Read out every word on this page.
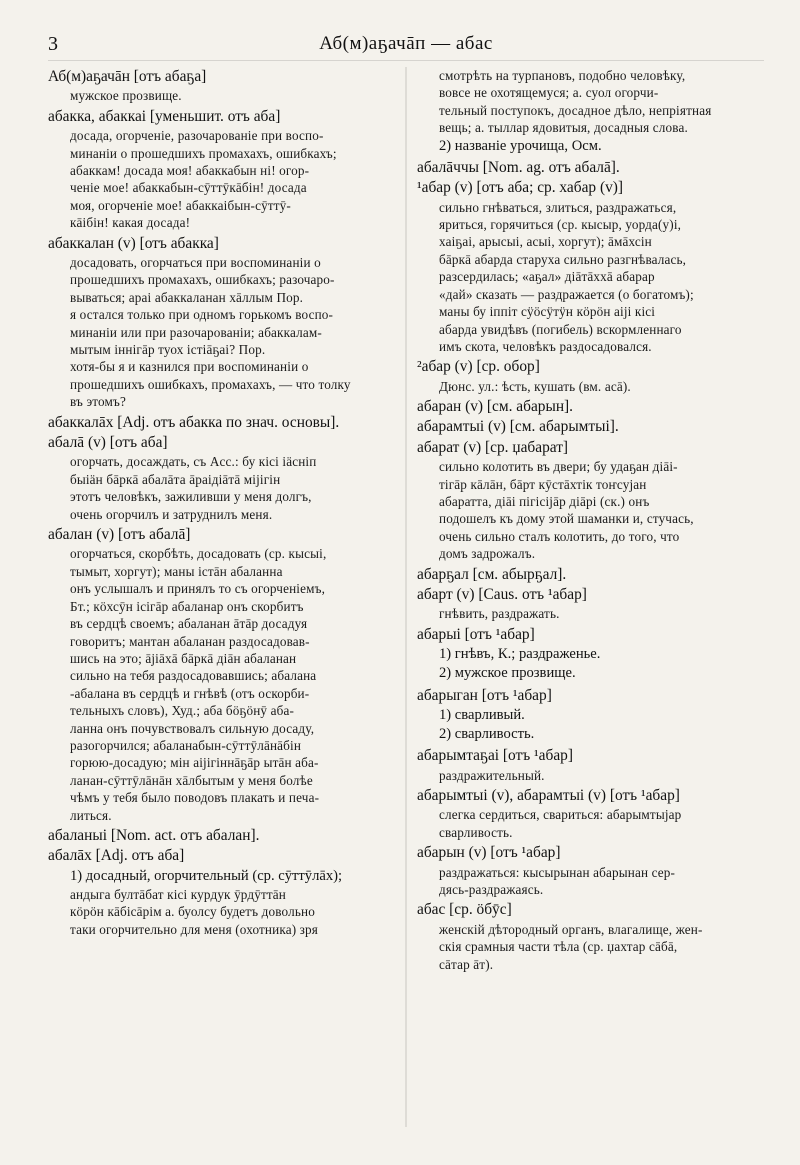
3	Аб(м)аҕачāп — абас
Аб(м)аҕачāн [отъ абаҕа]
мужское прозвище.
абакка, абаккаі [уменьшит. отъ аба]
досада, огорченіе, разочарованіе при воспо-
минаніи о прошедшихъ промахахъ, ошибкахъ;
абаккам! досада моя! абаккабын ні! огор-
ченіе мое! абаккабын-сӯттӯкāбін! досада
моя, огорченіе мое! абаккаібын-сӯттӯ-
кāібін! какая досада!
абаккалан (v) [отъ абакка]
досадовать, огорчаться при воспоминаніи о
прошедшихъ промахахъ, ошибкахъ; разочаро-
вываться; араі абаккаланан хāллым Пор.
я остался только при одномъ горькомъ воспо-
минаніи или при разочарованіи; абаккалам-
мытым іннігāр туох істіāҕаі? Пор.
хотя-бы я и казнился при воспоминаніи о
прошедшихъ ошибкахъ, промахахъ, — что толку
въ этомъ?
абаккалāх [Adj. отъ абакка по знач. основы].
абалā (v) [отъ аба]
огорчать, досаждать, съ Acc.: бу кісі іäсніп
быіäн бāркā абалāта āраідіāтā міјігін
этотъ человѣкъ, зажиливши у меня долгъ,
очень огорчилъ и затруднилъ меня.
абалан (v) [отъ абалā]
огорчаться, скорбѣть, досадовать (ср. кысыі,
тымыт, хоргут); маны істāн абаланна
онъ услышалъ и принялъ то съ огорченіемъ,
Бт.; кöхсӯн ісігāр абаланар онъ скорбитъ
въ сердцѣ своемъ; абаланан āтāр досадуя
говоритъ; мантан абаланан раздосадовав-
шись на это; āјіāхā бāркā діāн абаланан
сильно на тебя раздосадовавшись; абалана
-абалана въ сердцѣ и гнѣвѣ (отъ оскорби-
тельныхъ словъ), Худ.; аба бöҕöнӯ аба-
ланна онъ почувствовалъ сильную досаду,
разогорчился; абаланабын-сӯттӯлāнāбін
горюю-досадую; мін аіјігіннāҕāр ытāн аба-
ланан-сӯттӯлāнāн хāлбытым у меня болѣе
чѣмъ у тебя было поводовъ плакать и печа-
литься.
абаланыі [Nom. act. отъ абалан].
абалāх [Adj. отъ аба]
1) досадный, огорчительный (ср. сӯттӯлāх);
андыга бултāбат кісі курдук ӯрдӯттāн
кöрöн кāбісāрім а. буолсу будетъ довольно
таки огорчительно для меня (охотника) зря
смотрѣть на турпановъ, подобно человѣку,
вовсе не охотящемуся; а. суол огорчи-
тельный поступокъ, досадное дѣло, непріятная
вещь; а. тыллар ядовитыя, досадныя слова.
2) названіе урочища, Осм.
абалāччы [Nom. ag. отъ абалā].
¹абар (v) [отъ аба; ср. хабар (v)]
сильно гнѣваться, злиться, раздражаться,
яриться, горячиться (ср. кысыр, уорда(у)і,
хаіҕаі, арысыі, асыі, хоргут); āмāхсін
бāркā абарда старуха сильно разгнѣвалась,
разсердилась; «аҕал» діāтāххā абарар
«дай» сказать — раздражается (о богатомъ);
маны бу іппіт сӱöсӱтӱн кöрöн аіјі кісі
абарда увидѣвъ (погибель) вскормленнаго
имъ скота, человѣкъ раздосадовался.
²абар (v) [ср. обор]
Дюнс. ул.: ѣсть, кушать (вм. асā).
абаран (v) [см. абарын].
абарамтыі (v) [см. абарымтыі].
абарат (v) [ср. џабарат]
сильно колотить въ двери; бу удаҕан діāі-
тігāр кāлāн, бāрт кӯстāхтік тоҥсујан
абаратта, діāі пігісіјāр діāрі (ск.) онъ
подошелъ къ дому этой шаманки и, стучась,
очень сильно сталъ колотить, до того, что
домъ задрожалъ.
абарҕал [см. абырҕал].
абарт (v) [Caus. отъ ¹абар]
гнѣвить, раздражать.
абарыі [отъ ¹абар]
1) гнѣвъ, К.; раздраженье.
2) мужское прозвище.
абарыган [отъ ¹абар]
1) сварливый.
2) сварливость.
абарымтаҕаі [отъ ¹абар]
раздражительный.
абарымтыі (v), абарамтыі (v) [отъ ¹абар]
слегка сердиться, свариться: абарымтыјар
сварливость.
абарын (v) [отъ ¹абар]
раздражаться: кысырынан абарынан сер-
дясь-раздражаясь.
абас [ср. öбӯс]
женскій дѣтородный органъ, влагалище, жен-
скія срамныя части тѣла (ср. џахтар сāбā,
сāтар āт).
